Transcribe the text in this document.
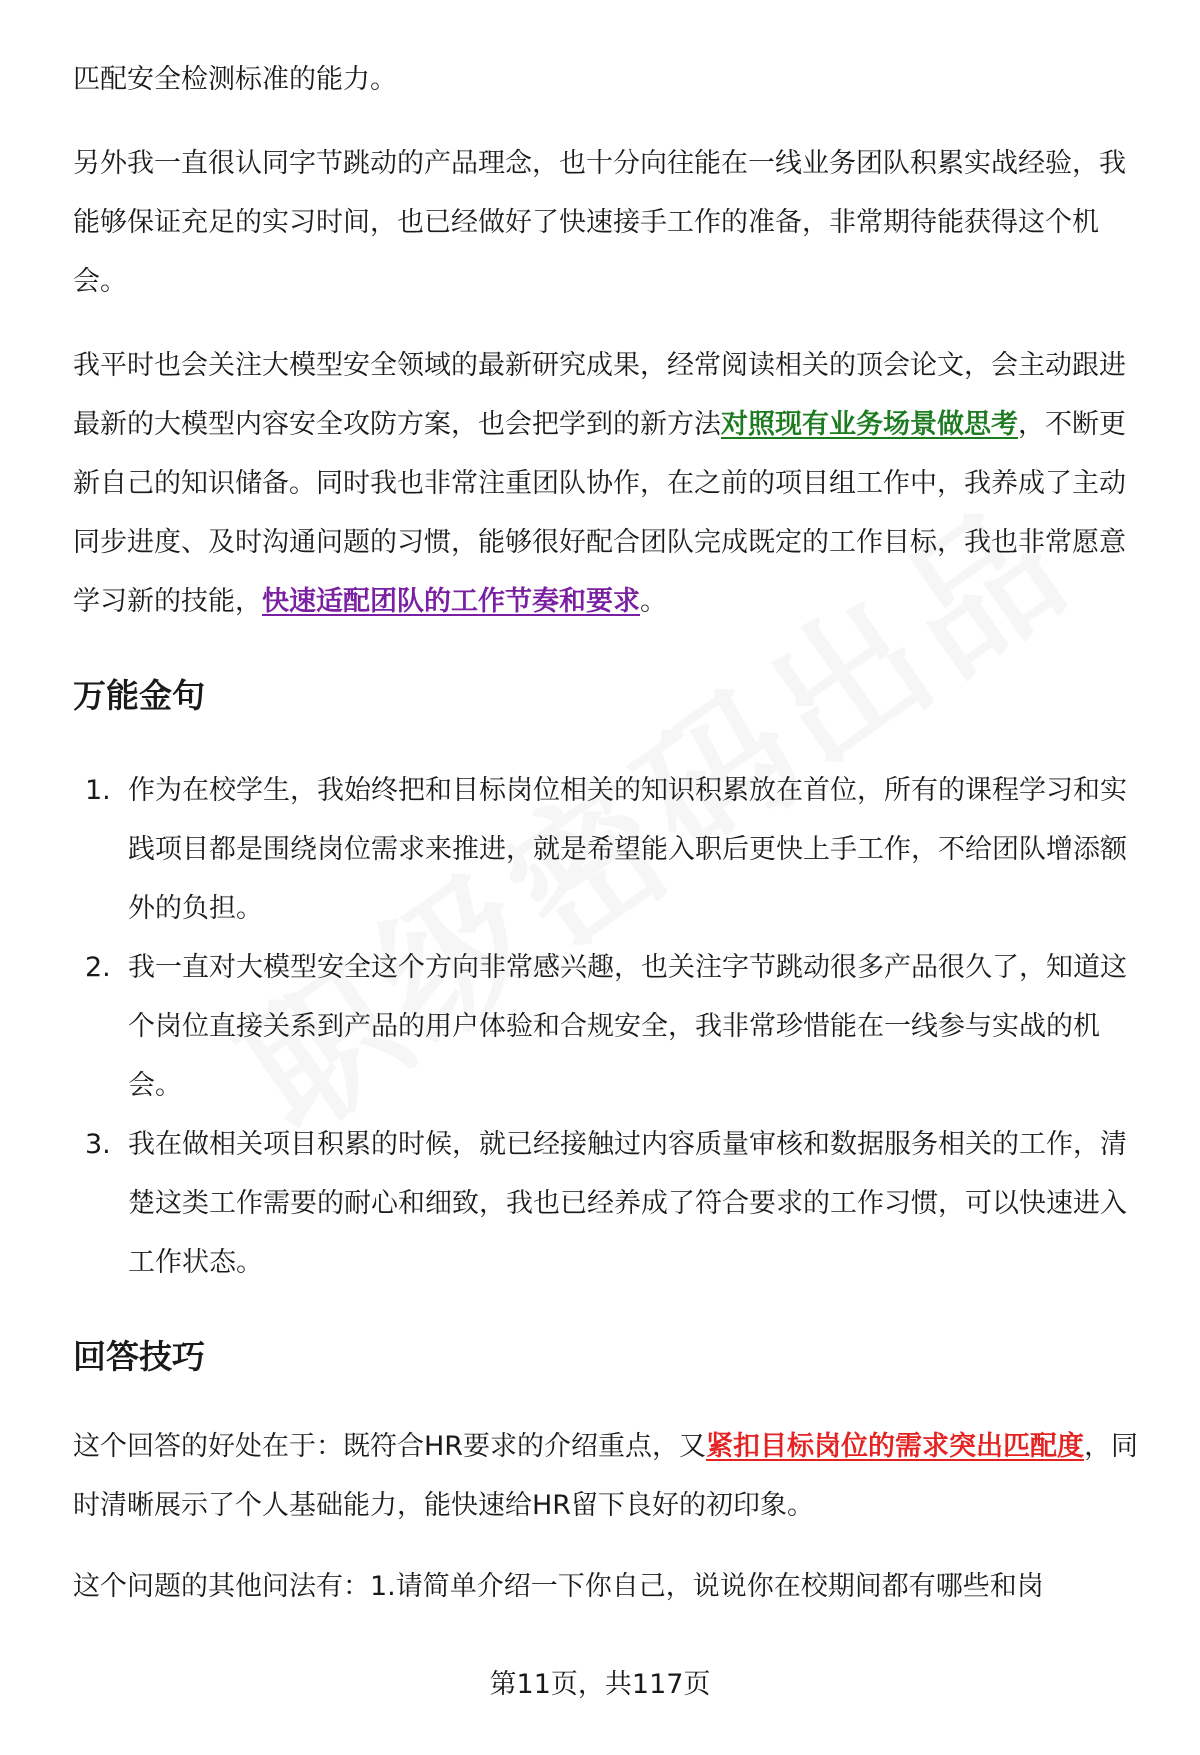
匹配安全检测标准的能力。

另外我一直很认同字节跳动的产品理念，也十分向往能在一线业务团队积累实战经验，我能够保证充足的实习时间，也已经做好了快速接手工作的准备，非常期待能获得这个机会。

我平时也会关注大模型安全领域的最新研究成果，经常阅读相关的顶会论文，会主动跟进最新的大模型内容安全攻防方案，也会把学到的新方法对照现有业务场景做思考，不断更新自己的知识储备。同时我也非常注重团队协作，在之前的项目组工作中，我养成了主动同步进度、及时沟通问题的习惯，能够很好配合团队完成既定的工作目标，我也非常愿意学习新的技能，快速适配团队的工作节奏和要求。

万能金句
1. 作为在校学生，我始终把和目标岗位相关的知识积累放在首位，所有的课程学习和实践项目都是围绕岗位需求来推进，就是希望能入职后更快上手工作，不给团队增添额外的负担。
2. 我一直对大模型安全这个方向非常感兴趣，也关注字节跳动很多产品很久了，知道这个岗位直接关系到产品的用户体验和合规安全，我非常珍惜能在一线参与实战的机会。
3. 我在做相关项目积累的时候，就已经接触过内容质量审核和数据服务相关的工作，清楚这类工作需要的耐心和细致，我也已经养成了符合要求的工作习惯，可以快速进入工作状态。
回答技巧

这个回答的好处在于：既符合HR要求的介绍重点，又紧扣目标岗位的需求突出匹配度，同时清晰展示了个人基础能力，能快速给HR留下良好的初印象。

这个问题的其他问法有：1.请简单介绍一下你自己，说说你在校期间都有哪些和岗

第11页，共117页
